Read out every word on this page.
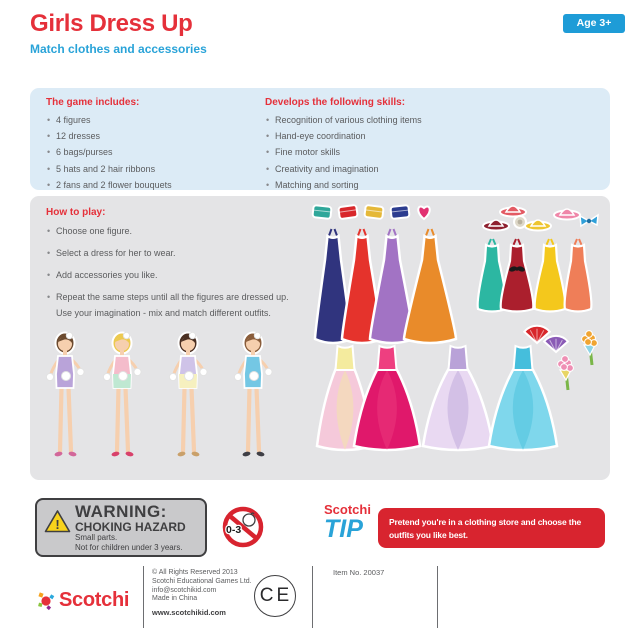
Girls Dress Up
Match clothes and accessories
Age 3+
The game includes:
• 4 figures
• 12 dresses
• 6 bags/purses
• 5 hats and 2 hair ribbons
• 2 fans and 2 flower bouquets
Develops the following skills:
• Recognition of various clothing items
• Hand-eye coordination
• Fine motor skills
• Creativity and imagination
• Matching and sorting
How to play:
• Choose one figure.
• Select a dress for her to wear.
• Add accessories you like.
• Repeat the same steps until all the figures are dressed up.
Use your imagination - mix and match different outfits.
!
WARNING:
CHOKING HAZARD
Small parts.
Not for children under 3 years.
0-3
Scotchi
TIP	Pretend you're in a clothing store and choose the outfits you like best.
Scotchi
© All Rights Reserved 2013
Scotchi Educational Games Ltd.
info@scotchikid.com
Made in China
www.scotchikid.com
CE
Item No. 20037
